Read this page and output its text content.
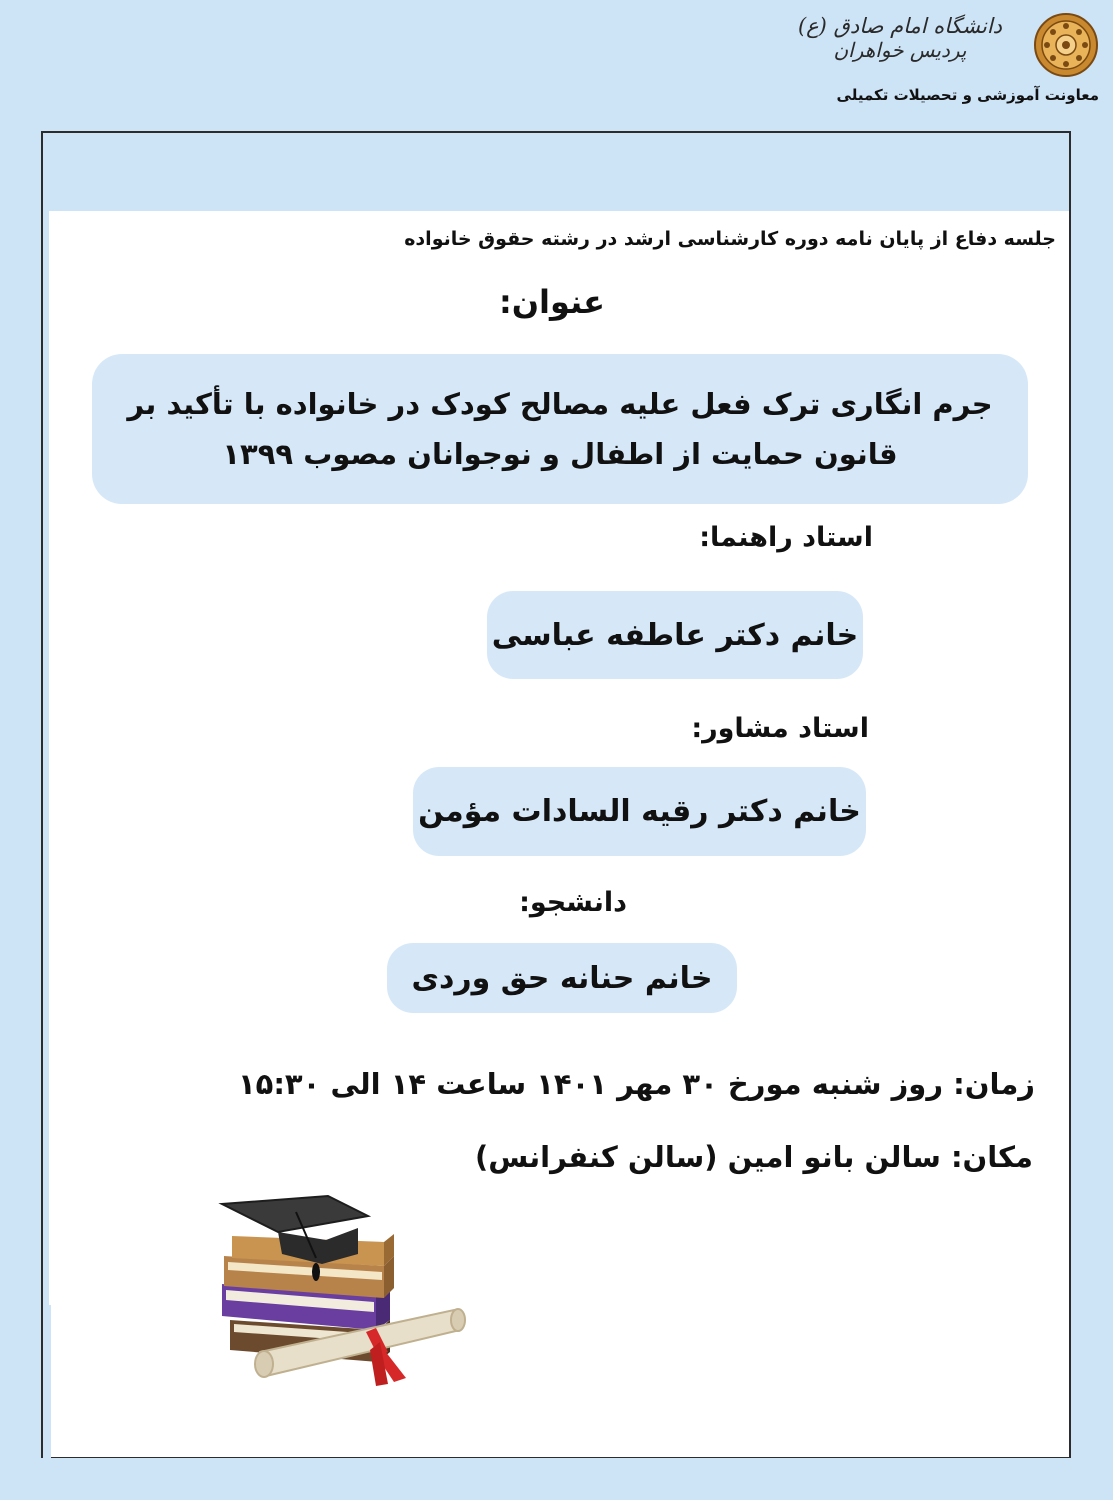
دانشگاه امام صادق (ع)
پردیس خواهران
معاونت آموزشی و تحصیلات تکمیلی
جلسه دفاع از پایان نامه دوره کارشناسی ارشد در رشته حقوق خانواده
عنوان:
جرم انگاری ترک فعل علیه مصالح کودک در خانواده با تأکید بر قانون حمایت از اطفال و نوجوانان مصوب ۱۳۹۹
استاد راهنما:
خانم دکتر عاطفه عباسی
استاد مشاور:
خانم دکتر رقیه السادات مؤمن
دانشجو:
خانم حنانه حق وردی
زمان: روز شنبه مورخ ۳۰ مهر ۱۴۰۱ ساعت ۱۴ الی ۱۵:۳۰
مکان: سالن بانو امین (سالن کنفرانس)
